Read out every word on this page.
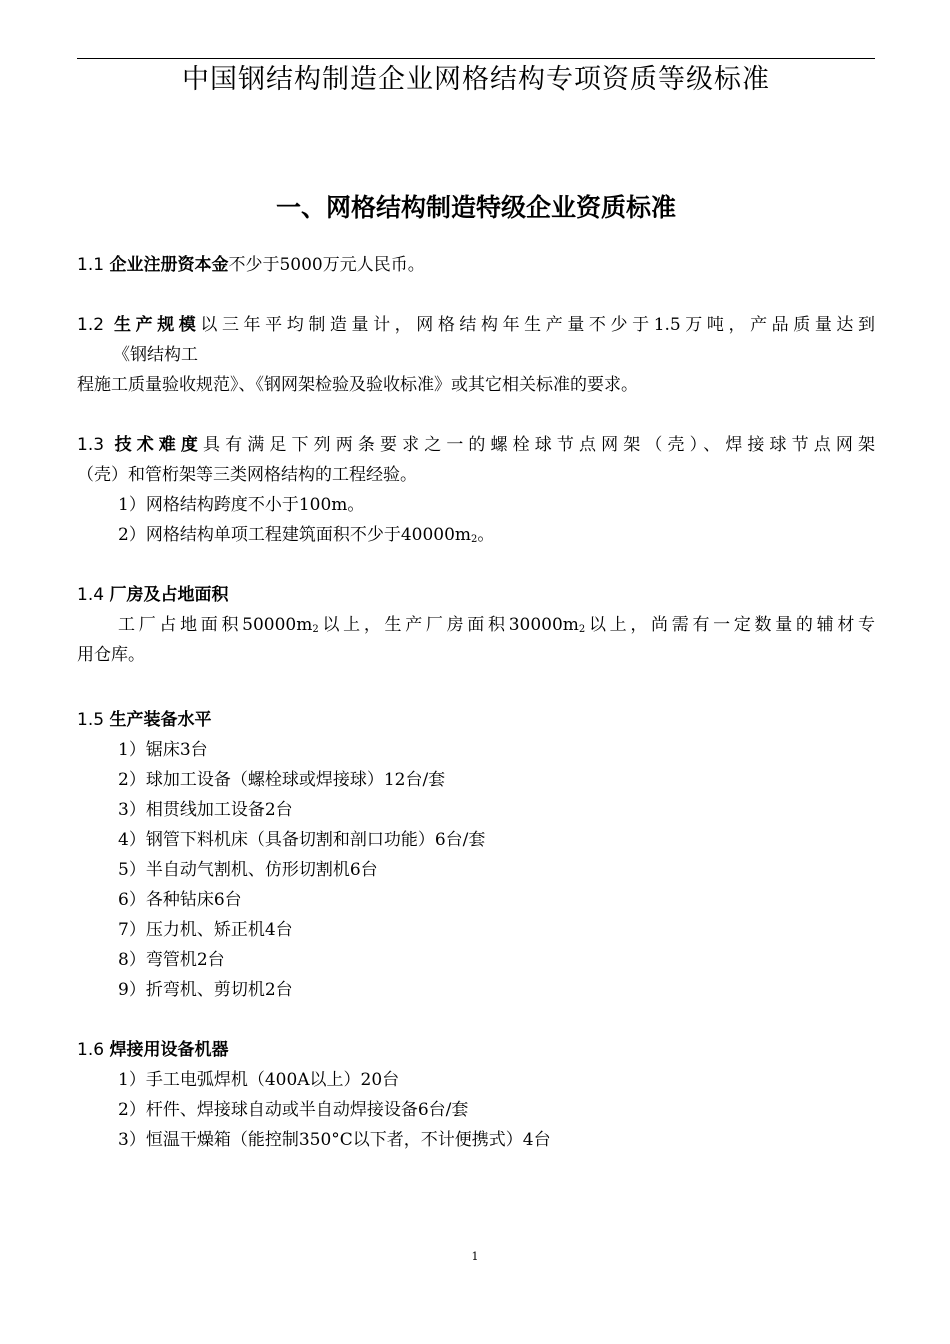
中国钢结构制造企业网格结构专项资质等级标准
一、网格结构制造特级企业资质标准
1.1 企业注册资本金不少于5000万元人民币。
1.2 生产规模以三年平均制造量计，网格结构年生产量不少于1.5万吨，产品质量达到
《钢结构工
程施工质量验收规范》、《钢网架检验及验收标准》或其它相关标准的要求。
1.3 技术难度具有满足下列两条要求之一的螺栓球节点网架（壳）、焊接球节点网架
（壳）和管桁架等三类网格结构的工程经验。
1）网格结构跨度不小于100m。
2）网格结构单项工程建筑面积不少于$40000m_2$。
1.4 厂房及占地面积
工厂占地面积$50000m_2$以上，生产厂房面积$30000m_2$以上，尚需有一定数量的辅材专
用仓库。
1.5 生产装备水平
1）锯床3台
2）球加工设备（螺栓球或焊接球）12台/套
3）相贯线加工设备2台
4）钢管下料机床（具备切割和剖口功能）6台/套
5）半自动气割机、仿形切割机6台
6）各种钻床6台
7）压力机、矫正机4台
8）弯管机2台
9）折弯机、剪切机2台
1.6 焊接用设备机器
1）手工电弧焊机（400A以上）20台
2）杆件、焊接球自动或半自动焊接设备6台/套
3）恒温干燥箱（能控制350°C以下者，不计便携式）4台
1
